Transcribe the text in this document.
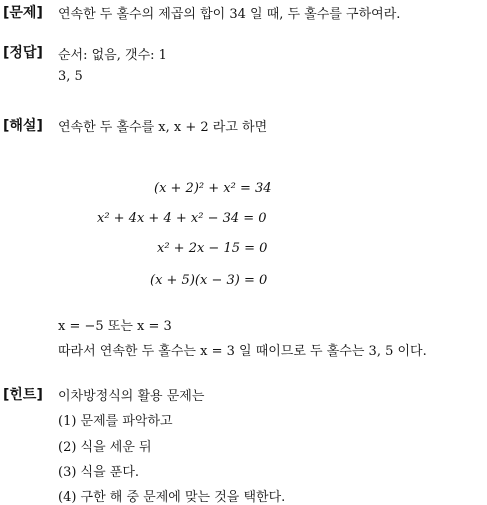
[문제] 연속한 두 홀수의 제곱의 합이 34 일 때, 두 홀수를 구하여라.
[정답] 순서: 없음, 갯수: 1
3, 5
[해설] 연속한 두 홀수를 x, x + 2 라고 하면
(x + 2)² + x² = 34
x² + 4x + 4 + x² − 34 = 0
x² + 2x − 15 = 0
(x + 5)(x − 3) = 0
x = −5 또는 x = 3
따라서 연속한 두 홀수는 x = 3 일 때이므로 두 홀수는 3, 5 이다.
[힌트] 이차방정식의 활용 문제는
(1) 문제를 파악하고
(2) 식을 세운 뒤
(3) 식을 푼다.
(4) 구한 해 중 문제에 맞는 것을 택한다.
